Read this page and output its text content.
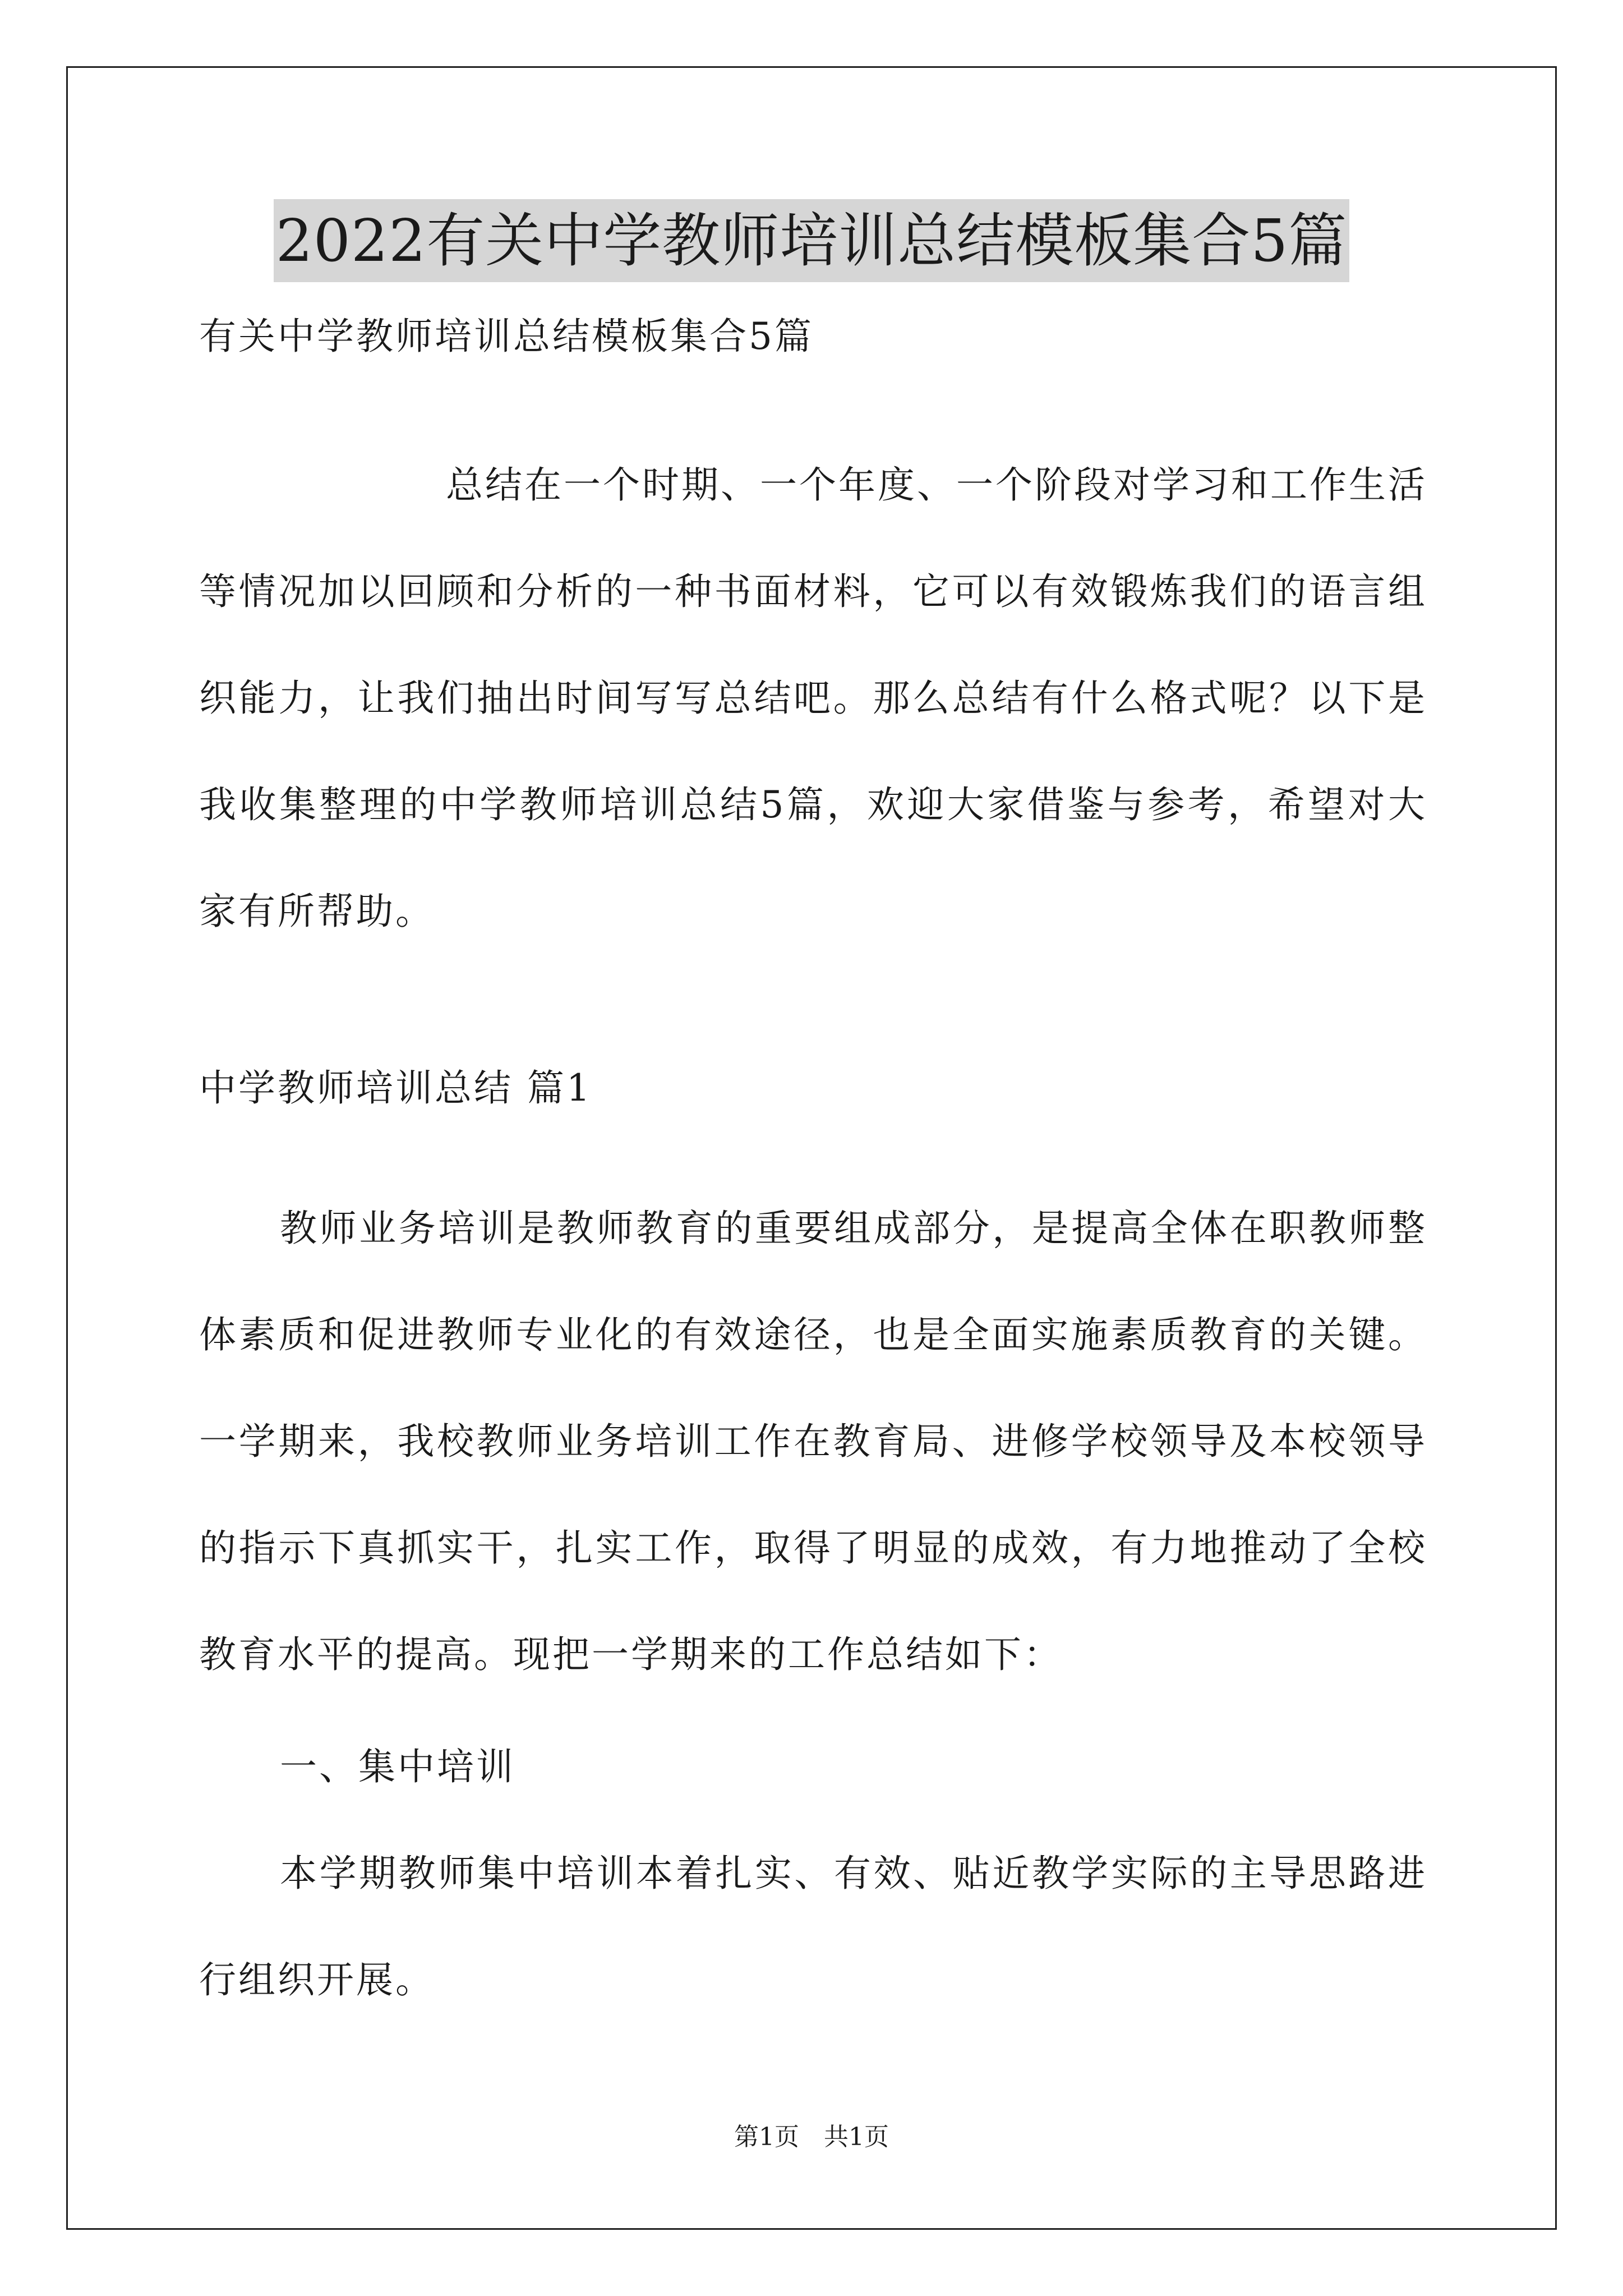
2022有关中学教师培训总结模板集合5篇

有关中学教师培训总结模板集合5篇

总结在一个时期、一个年度、一个阶段对学习和工作生活等情况加以回顾和分析的一种书面材料，它可以有效锻炼我们的语言组织能力，让我们抽出时间写写总结吧。那么总结有什么格式呢？以下是我收集整理的中学教师培训总结5篇，欢迎大家借鉴与参考，希望对大家有所帮助。

中学教师培训总结 篇1

教师业务培训是教师教育的重要组成部分，是提高全体在职教师整体素质和促进教师专业化的有效途径，也是全面实施素质教育的关键。一学期来，我校教师业务培训工作在教育局、进修学校领导及本校领导的指示下真抓实干，扎实工作，取得了明显的成效，有力地推动了全校教育水平的提高。现把一学期来的工作总结如下：

一、集中培训

本学期教师集中培训本着扎实、有效、贴近教学实际的主导思路进行组织开展。

第1页　共1页
